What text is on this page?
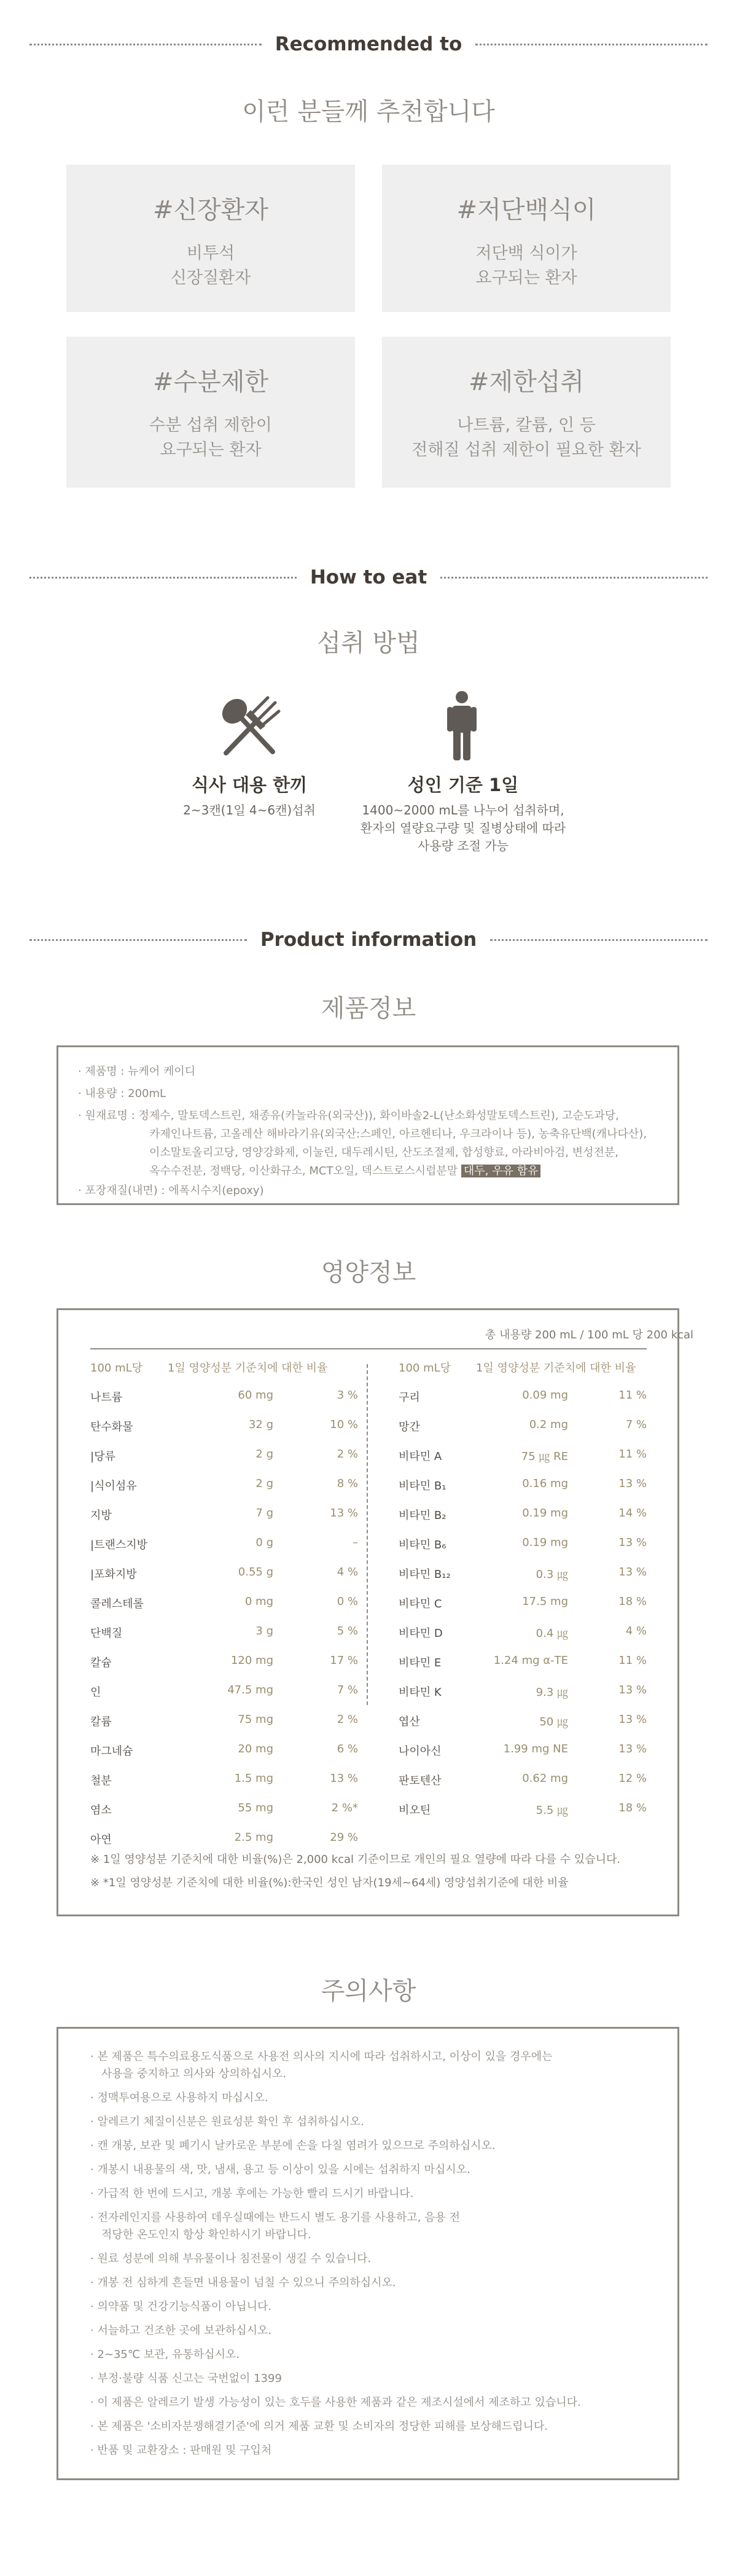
Recommended to
이런 분들께 추천합니다
#신장환자
비투석
신장질환자
#저단백식이
저단백 식이가
요구되는 환자
#수분제한
수분 섭취 제한이
요구되는 환자
#제한섭취
나트륨, 칼륨, 인 등
전해질 섭취 제한이 필요한 환자
How to eat
섭취 방법
식사 대용 한끼
2~3캔(1일 4~6캔)섭취
성인 기준 1일
1400~2000 mL를 나누어 섭취하며,
환자의 열량요구량 및 질병상태에 따라
사용량 조절 가능
Product information
제품정보
· 제품명 : 뉴케어 케이디
· 내용량 : 200mL
· 원재료명 : 정제수, 말토덱스트린, 채종유(카놀라유(외국산)), 화이바솔2-L(난소화성말토덱스트린), 고순도과당,
카제인나트륨, 고올레산 해바라기유(외국산:스페인, 아르헨티나, 우크라이나 등), 농축유단백(캐나다산),
이소말토올리고당, 영양강화제, 이눌린, 대두레시틴, 산도조절제, 합성향료, 아라비아검, 변성전분,
옥수수전분, 정백당, 이산화규소, MCT오일, 덱스트로스시럽분말 대두, 우유 함유
· 포장재질(내면) : 에폭시수지(epoxy)
영양정보
총 내용량 200 mL / 100 mL 당 200 kcal
100 mL당 1일 영양성분 기준치에 대한 비율	100 mL당 1일 영양성분 기준치에 대한 비율
나트륨	60 mg	3 %
탄수화물	32 g	10 %
|당류	2 g	2 %
|식이섬유	2 g	8 %
지방	7 g	13 %
|트랜스지방	0 g	–
|포화지방	0.55 g	4 %
콜레스테롤	0 mg	0 %
단백질	3 g	5 %
칼슘	120 mg	17 %
인	47.5 mg	7 %
칼륨	75 mg	2 %
마그네슘	20 mg	6 %
철분	1.5 mg	13 %
염소	55 mg	2 %*
아연	2.5 mg	29 %
구리	0.09 mg	11 %
망간	0.2 mg	7 %
비타민 A	75 ㎍ RE	11 %
비타민 B₁	0.16 mg	13 %
비타민 B₂	0.19 mg	14 %
비타민 B₆	0.19 mg	13 %
비타민 B₁₂	0.3 ㎍	13 %
비타민 C	17.5 mg	18 %
비타민 D	0.4 ㎍	4 %
비타민 E	1.24 mg α-TE	11 %
비타민 K	9.3 ㎍	13 %
엽산	50 ㎍	13 %
나이아신	1.99 mg NE	13 %
판토텐산	0.62 mg	12 %
비오틴	5.5 ㎍	18 %
※ 1일 영양성분 기준치에 대한 비율(%)은 2,000 kcal 기준이므로 개인의 필요 열량에 따라 다를 수 있습니다.
※ *1일 영양성분 기준치에 대한 비율(%):한국인 성인 남자(19세~64세) 영양섭취기준에 대한 비율
주의사항
· 본 제품은 특수의료용도식품으로 사용전 의사의 지시에 따라 섭취하시고, 이상이 있을 경우에는
사용을 중지하고 의사와 상의하십시오.
· 정맥투여용으로 사용하지 마십시오.
· 알레르기 체질이신분은 원료성분 확인 후 섭취하십시오.
· 캔 개봉, 보관 및 폐기시 날카로운 부분에 손을 다칠 염려가 있으므로 주의하십시오.
· 개봉시 내용물의 색, 맛, 냄새, 용고 등 이상이 있을 시에는 섭취하지 마십시오.
· 가급적 한 번에 드시고, 개봉 후에는 가능한 빨리 드시기 바랍니다.
· 전자레인지를 사용하여 데우실때에는 반드시 별도 용기를 사용하고, 음용 전
적당한 온도인지 항상 확인하시기 바랍니다.
· 원료 성분에 의해 부유물이나 침전물이 생길 수 있습니다.
· 개봉 전 심하게 흔들면 내용물이 넘칠 수 있으니 주의하십시오.
· 의약품 및 건강기능식품이 아닙니다.
· 서늘하고 건조한 곳에 보관하십시오.
· 2~35℃ 보관, 유통하십시오.
· 부정·불량 식품 신고는 국번없이 1399
· 이 제품은 알레르기 발생 가능성이 있는 호두를 사용한 제품과 같은 제조시설에서 제조하고 있습니다.
· 본 제품은 '소비자분쟁해결기준'에 의거 제품 교환 및 소비자의 정당한 피해를 보상해드립니다.
· 반품 및 교환장소 : 판매원 및 구입처
